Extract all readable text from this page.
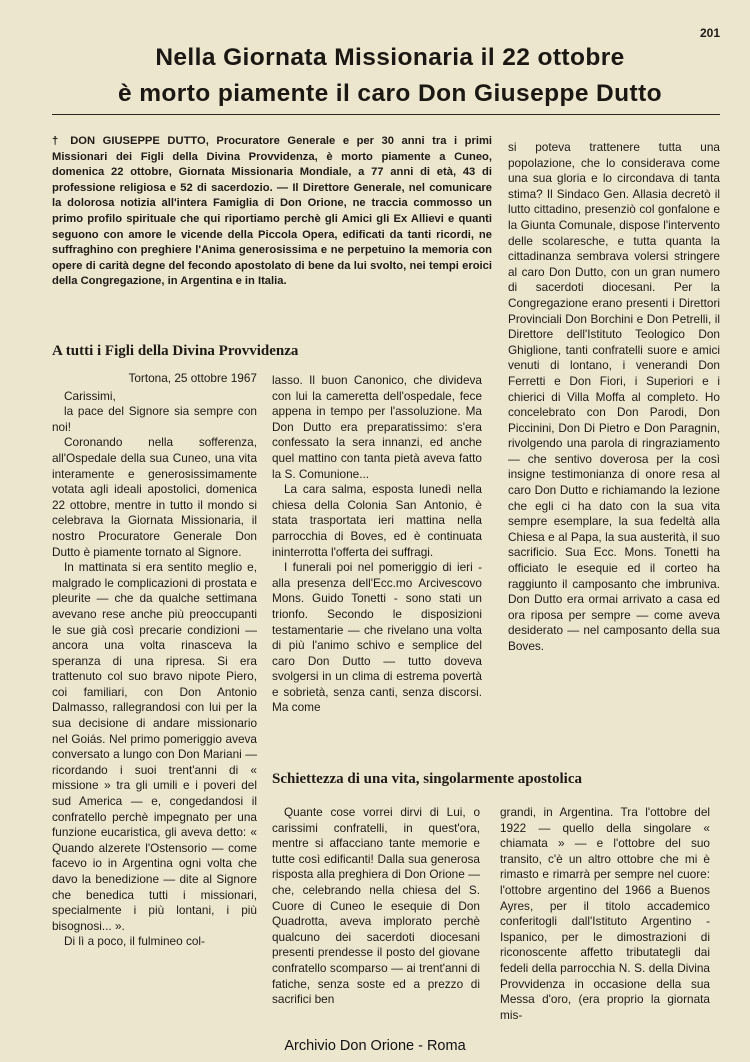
201
Nella Giornata Missionaria il 22 ottobre
è morto piamente il caro Don Giuseppe Dutto

† DON GIUSEPPE DUTTO, Procuratore Generale e per 30 anni tra i primi Missionari dei Figli della Divina Provvidenza, è morto piamente a Cuneo, domenica 22 ottobre, Giornata Missionaria Mondiale, a 77 anni di età, 43 di professione religiosa e 52 di sacerdozio. — Il Direttore Generale, nel comunicare la dolorosa notizia all'intera Famiglia di Don Orione, ne traccia commosso un primo profilo spirituale che qui riportiamo perchè gli Amici gli Ex Allievi e quanti seguono con amore le vicende della Piccola Opera, edificati da tanti ricordi, ne suffraghino con preghiere l'Anima generosissima e ne perpetuino la memoria con opere di carità degne del fecondo apostolato di bene da lui svolto, nei tempi eroici della Congregazione, in Argentina e in Italia.

si poteva trattenere tutta una popolazione, che lo considerava come una sua gloria e lo circondava di tanta stima? Il Sindaco Gen. Allasia decretò il lutto cittadino, presenziò col gonfalone e la Giunta Comunale, dispose l'intervento delle scolaresche, e tutta quanta la cittadinanza sembrava volersi stringere al caro Don Dutto, con un gran numero di sacerdoti diocesani. Per la Congregazione erano presenti i Direttori Provinciali Don Borchini e Don Petrelli, il Direttore dell'Istituto Teologico Don Ghiglione, tanti confratelli suore e amici venuti di lontano, i venerandi Don Ferretti e Don Fiori, i Superiori e i chierici di Villa Moffa al completo. Ho concelebrato con Don Parodi, Don Piccinini, Don Di Pietro e Don Paragnin, rivolgendo una parola di ringraziamento — che sentivo doverosa per la così insigne testimonianza di onore resa al caro Don Dutto e richiamando la lezione che egli ci ha dato con la sua vita sempre esemplare, la sua fedeltà alla Chiesa e al Papa, la sua austerità, il suo sacrificio. Sua Ecc. Mons. Tonetti ha officiato le esequie ed il corteo ha raggiunto il camposanto che imbruniva. Don Dutto era ormai arrivato a casa ed ora riposa per sempre — come aveva desiderato — nel camposanto della sua Boves.

A tutti i Figli della Divina Provvidenza

Tortona, 25 ottobre 1967

Carissimi,

la pace del Signore sia sempre con noi!

Coronando nella sofferenza, all'Ospedale della sua Cuneo, una vita interamente e generosissimamente votata agli ideali apostolici, domenica 22 ottobre, mentre in tutto il mondo si celebrava la Giornata Missionaria, il nostro Procuratore Generale Don Dutto è piamente tornato al Signore.

In mattinata si era sentito meglio e, malgrado le complicazioni di prostata e pleurite — che da qualche settimana avevano rese anche più preoccupanti le sue già così precarie condizioni — ancora una volta rinasceva la speranza di una ripresa. Si era trattenuto col suo bravo nipote Piero, coi familiari, con Don Antonio Dalmasso, rallegrandosi con lui per la sua decisione di andare missionario nel Goiás. Nel primo pomeriggio aveva conversato a lungo con Don Mariani — ricordando i suoi trent'anni di « missione » tra gli umili e i poveri del sud America — e, congedandosi il confratello perchè impegnato per una funzione eucaristica, gli aveva detto: « Quando alzerete l'Ostensorio — come facevo io in Argentina ogni volta che davo la benedizione — dite al Signore che benedica tutti i missionari, specialmente i più lontani, i più bisognosi... ».

Di lì a poco, il fulmineo col-

lasso. Il buon Canonico, che divideva con lui la cameretta dell'ospedale, fece appena in tempo per l'assoluzione. Ma Don Dutto era preparatissimo: s'era confessato la sera innanzi, ed anche quel mattino con tanta pietà aveva fatto la S. Comunione...

La cara salma, esposta lunedì nella chiesa della Colonia San Antonio, è stata trasportata ieri mattina nella parrocchia di Boves, ed è continuata ininterrotta l'offerta dei suffragi.

I funerali poi nel pomeriggio di ieri - alla presenza dell'Ecc.mo Arcivescovo Mons. Guido Tonetti - sono stati un trionfo. Secondo le disposizioni testamentarie — che rivelano una volta di più l'animo schivo e semplice del caro Don Dutto — tutto doveva svolgersi in un clima di estrema povertà e sobrietà, senza canti, senza discorsi. Ma come

Schiettezza di una vita, singolarmente apostolica

Quante cose vorrei dirvi di Lui, o carissimi confratelli, in quest'ora, mentre si affacciano tante memorie e tutte così edificanti! Dalla sua generosa risposta alla preghiera di Don Orione — che, celebrando nella chiesa del S. Cuore di Cuneo le esequie di Don Quadrotta, aveva implorato perchè qualcuno dei sacerdoti diocesani presenti prendesse il posto del giovane confratello scomparso — ai trent'anni di fatiche, senza soste ed a prezzo di sacrifici ben

grandi, in Argentina. Tra l'ottobre del 1922 — quello della singolare « chiamata » — e l'ottobre del suo transito, c'è un altro ottobre che mi è rimasto e rimarrà per sempre nel cuore: l'ottobre argentino del 1966 a Buenos Ayres, per il titolo accademico conferitogli dall'Istituto Argentino - Ispanico, per le dimostrazioni di riconoscente affetto tributategli dai fedeli della parrocchia N. S. della Divina Provvidenza in occasione della sua Messa d'oro, (era proprio la giornata mis-

Archivio Don Orione - Roma
